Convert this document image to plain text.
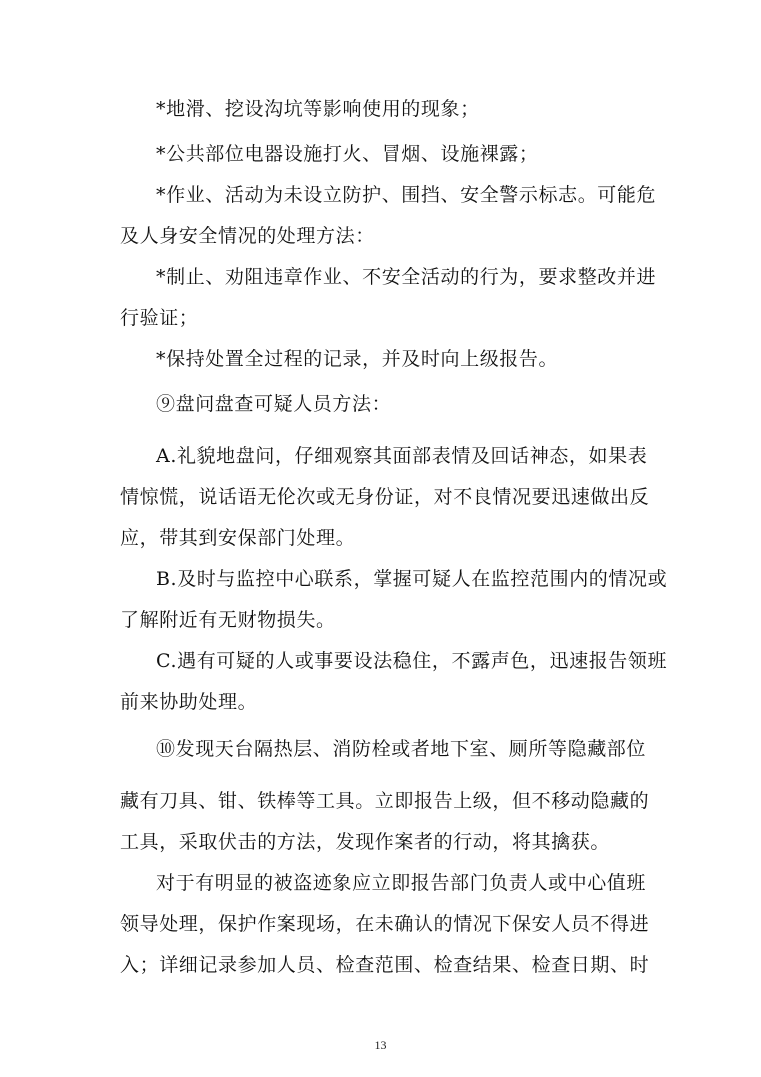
*地滑、挖设沟坑等影响使用的现象；
*公共部位电器设施打火、冒烟、设施裸露；
*作业、活动为未设立防护、围挡、安全警示标志。可能危
及人身安全情况的处理方法：
*制止、劝阻违章作业、不安全活动的行为，要求整改并进
行验证；
*保持处置全过程的记录，并及时向上级报告。
⑨盘问盘查可疑人员方法：
A.礼貌地盘问，仔细观察其面部表情及回话神态，如果表
情惊慌，说话语无伦次或无身份证，对不良情况要迅速做出反
应，带其到安保部门处理。
B.及时与监控中心联系，掌握可疑人在监控范围内的情况或
了解附近有无财物损失。
C.遇有可疑的人或事要设法稳住，不露声色，迅速报告领班
前来协助处理。
⑩发现天台隔热层、消防栓或者地下室、厕所等隐藏部位
藏有刀具、钳、铁棒等工具。立即报告上级，但不移动隐藏的
工具，采取伏击的方法，发现作案者的行动，将其擒获。
对于有明显的被盗迹象应立即报告部门负责人或中心值班
领导处理，保护作案现场，在未确认的情况下保安人员不得进
入；详细记录参加人员、检查范围、检查结果、检查日期、时
13
